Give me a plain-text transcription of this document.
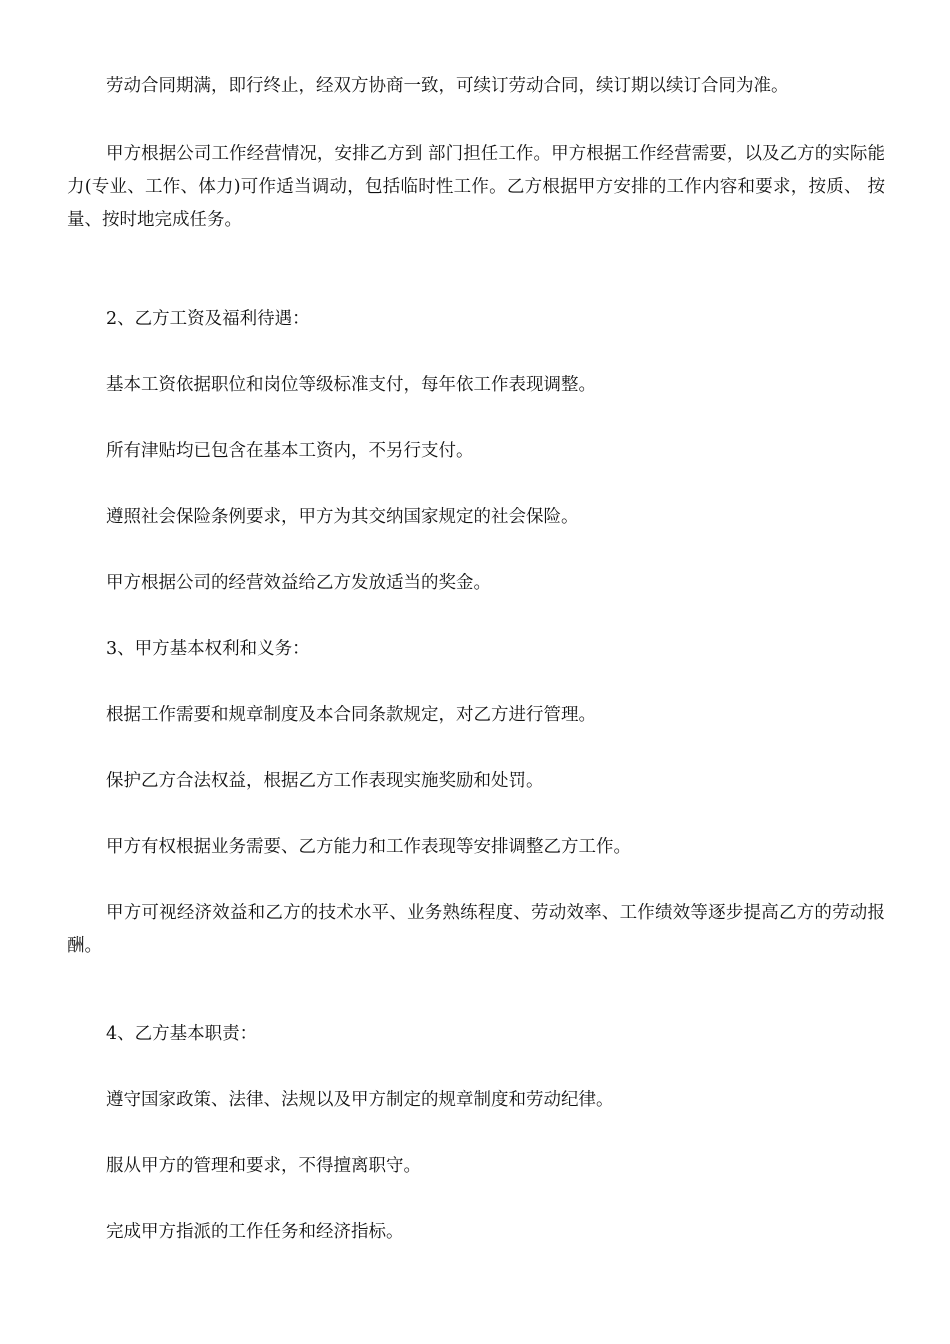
劳动合同期满，即行终止，经双方协商一致，可续订劳动合同，续订期以续订合同为准。

甲方根据公司工作经营情况，安排乙方到 部门担任工作。甲方根据工作经营需要，以及乙方的实际能力(专业、工作、体力)可作适当调动，包括临时性工作。乙方根据甲方安排的工作内容和要求，按质、 按量、按时地完成任务。

2、乙方工资及福利待遇：

基本工资依据职位和岗位等级标准支付，每年依工作表现调整。

所有津贴均已包含在基本工资内，不另行支付。

遵照社会保险条例要求，甲方为其交纳国家规定的社会保险。

甲方根据公司的经营效益给乙方发放适当的奖金。

3、甲方基本权利和义务：

根据工作需要和规章制度及本合同条款规定，对乙方进行管理。

保护乙方合法权益，根据乙方工作表现实施奖励和处罚。

甲方有权根据业务需要、乙方能力和工作表现等安排调整乙方工作。

甲方可视经济效益和乙方的技术水平、业务熟练程度、劳动效率、工作绩效等逐步提高乙方的劳动报酬。

4、乙方基本职责：

遵守国家政策、法律、法规以及甲方制定的规章制度和劳动纪律。

服从甲方的管理和要求，不得擅离职守。

完成甲方指派的工作任务和经济指标。
